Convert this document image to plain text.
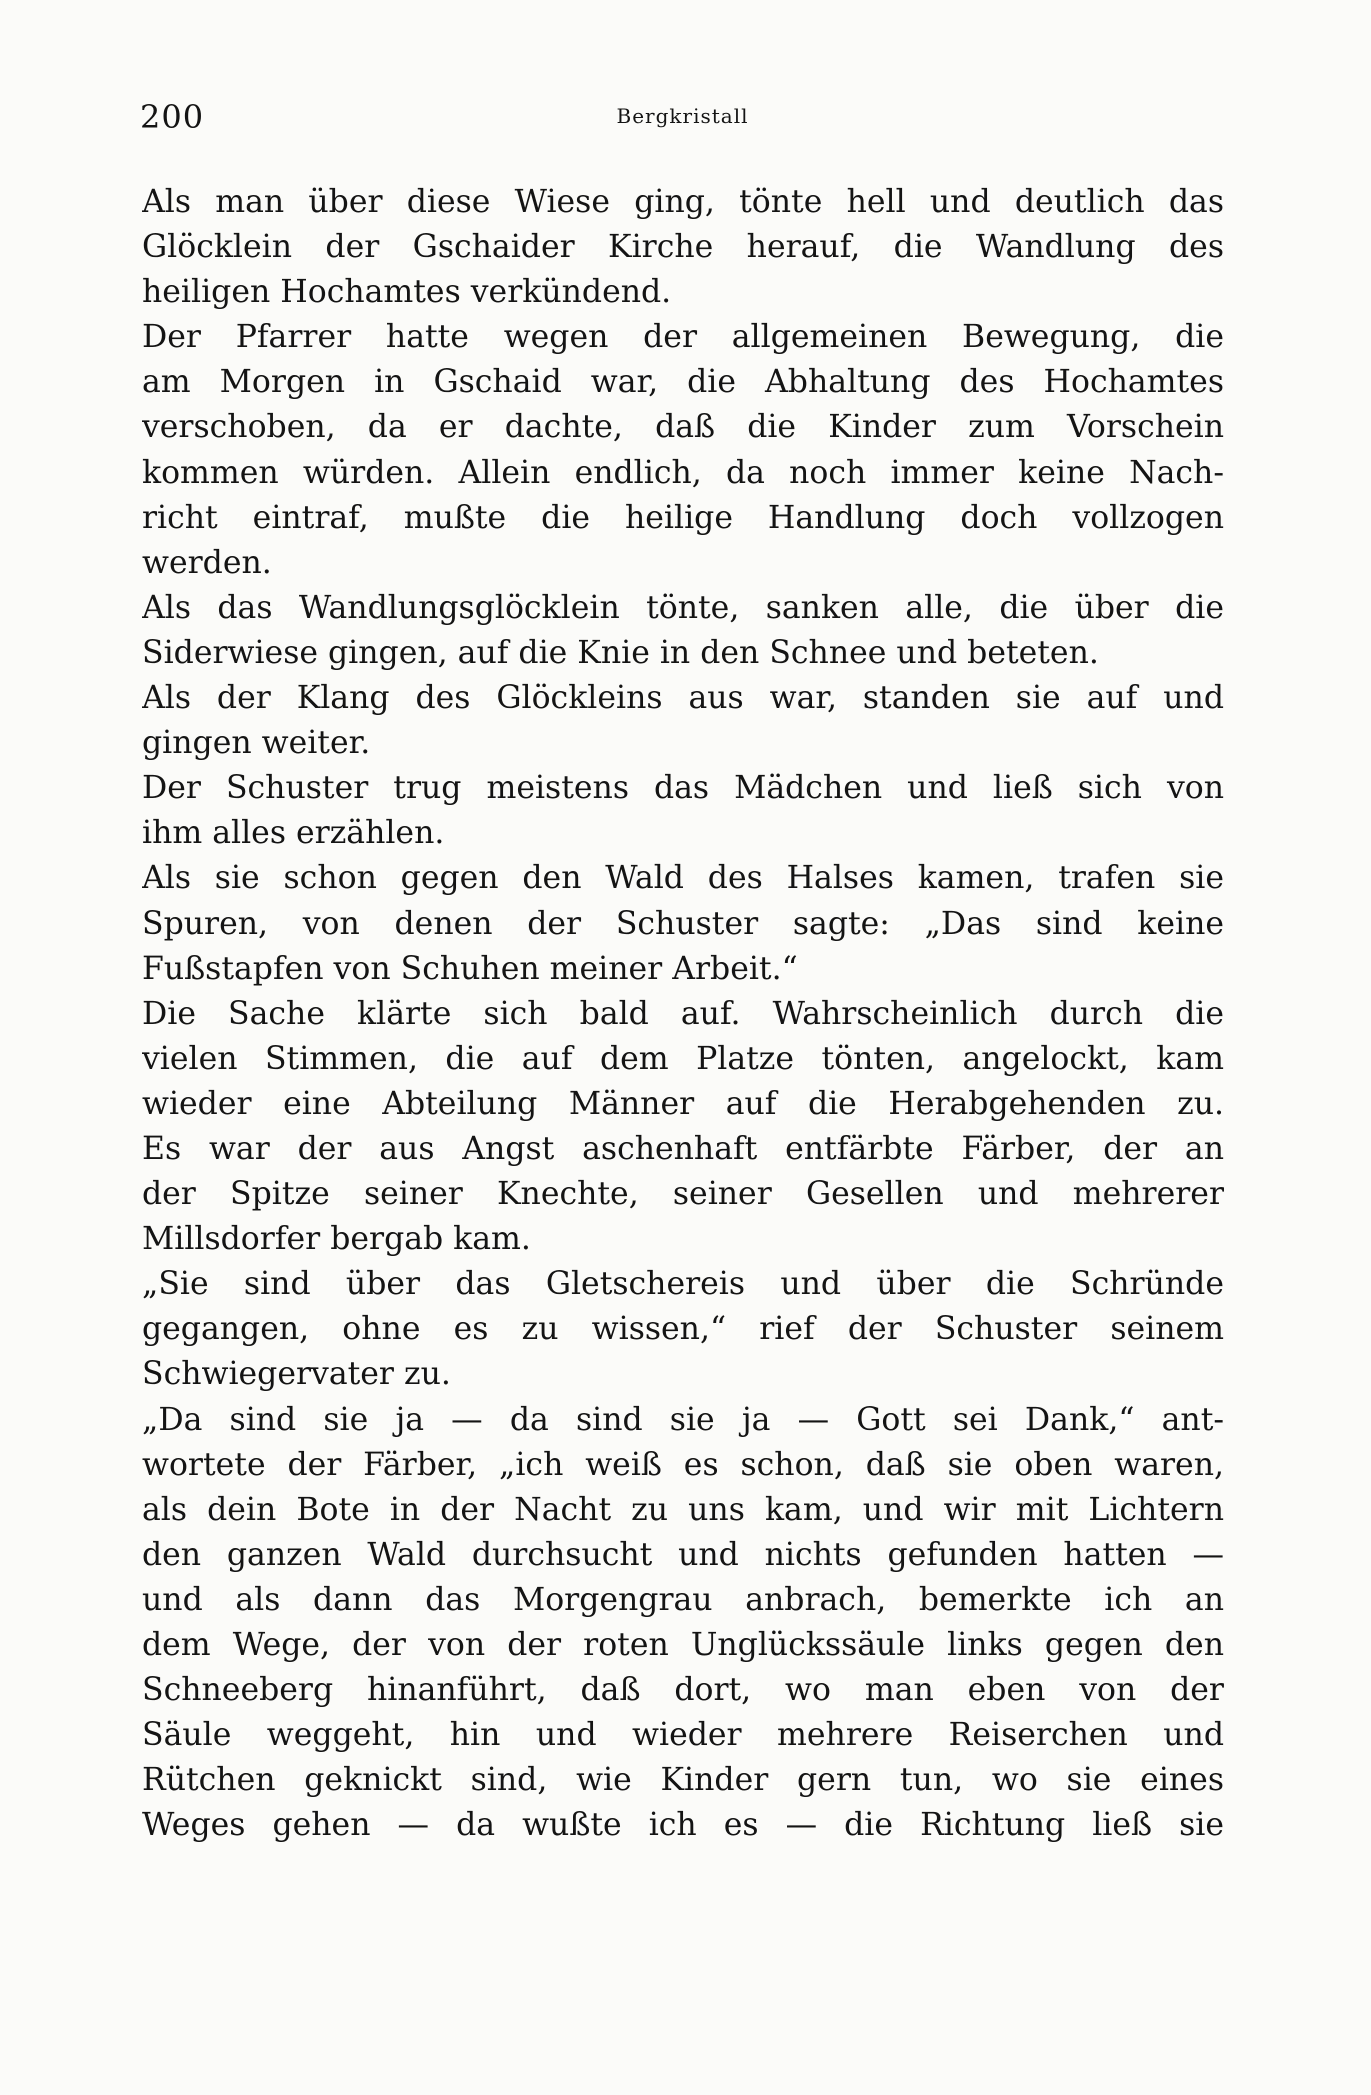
200	Bergkristall
Als man über diese Wiese ging, tönte hell und deutlich das
Glöcklein der Gschaider Kirche herauf, die Wandlung des
heiligen Hochamtes verkündend.
Der Pfarrer hatte wegen der allgemeinen Bewegung, die
am Morgen in Gschaid war, die Abhaltung des Hochamtes
verschoben, da er dachte, daß die Kinder zum Vorschein
kommen würden. Allein endlich, da noch immer keine Nach-
richt eintraf, mußte die heilige Handlung doch vollzogen
werden.
Als das Wandlungsglöcklein tönte, sanken alle, die über die
Siderwiese gingen, auf die Knie in den Schnee und beteten.
Als der Klang des Glöckleins aus war, standen sie auf und
gingen weiter.
Der Schuster trug meistens das Mädchen und ließ sich von
ihm alles erzählen.
Als sie schon gegen den Wald des Halses kamen, trafen sie
Spuren, von denen der Schuster sagte: „Das sind keine
Fußstapfen von Schuhen meiner Arbeit.“
Die Sache klärte sich bald auf. Wahrscheinlich durch die
vielen Stimmen, die auf dem Platze tönten, angelockt, kam
wieder eine Abteilung Männer auf die Herabgehenden zu.
Es war der aus Angst aschenhaft entfärbte Färber, der an
der Spitze seiner Knechte, seiner Gesellen und mehrerer
Millsdorfer bergab kam.
„Sie sind über das Gletschereis und über die Schründe
gegangen, ohne es zu wissen,“ rief der Schuster seinem
Schwiegervater zu.
„Da sind sie ja — da sind sie ja — Gott sei Dank,“ ant-
wortete der Färber, „ich weiß es schon, daß sie oben waren,
als dein Bote in der Nacht zu uns kam, und wir mit Lichtern
den ganzen Wald durchsucht und nichts gefunden hatten —
und als dann das Morgengrau anbrach, bemerkte ich an
dem Wege, der von der roten Unglückssäule links gegen den
Schneeberg hinanführt, daß dort, wo man eben von der
Säule weggeht, hin und wieder mehrere Reiserchen und
Rütchen geknickt sind, wie Kinder gern tun, wo sie eines
Weges gehen — da wußte ich es — die Richtung ließ sie
